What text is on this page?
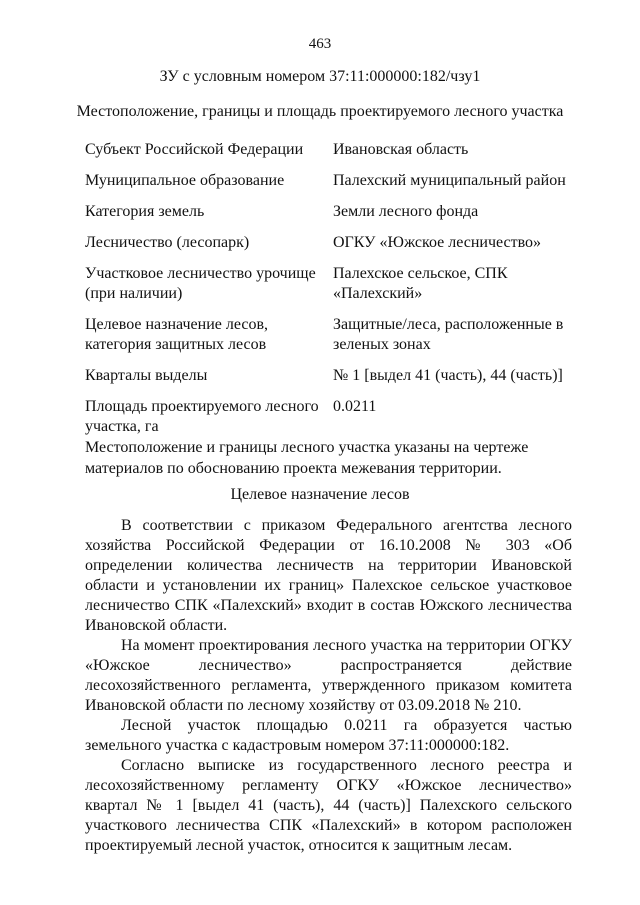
463
ЗУ с условным номером 37:11:000000:182/чзу1
Местоположение, границы и площадь проектируемого лесного участка
Субъект Российской Федерации	Ивановская область
Муниципальное образование	Палехский муниципальный район
Категория земель	Земли лесного фонда
Лесничество (лесопарк)	ОГКУ «Южское лесничество»
Участковое лесничество урочище (при наличии)	Палехское сельское, СПК «Палехский»
Целевое назначение лесов, категория защитных лесов	Защитные/леса, расположенные в зеленых зонах
Кварталы выделы	№ 1 [выдел 41 (часть), 44 (часть)]
Площадь проектируемого лесного участка, га	0.0211
Местоположение и границы лесного участка указаны на чертеже материалов по обоснованию проекта межевания территории.
Целевое назначение лесов

В соответствии с приказом Федерального агентства лесного хозяйства Российской Федерации от 16.10.2008 № 303 «Об определении количества лесничеств на территории Ивановской области и установлении их границ» Палехское сельское участковое лесничество СПК «Палехский» входит в состав Южского лесничества Ивановской области.

На момент проектирования лесного участка на территории ОГКУ «Южское лесничество» распространяется действие лесохозяйственного регламента, утвержденного приказом комитета Ивановской области по лесному хозяйству от 03.09.2018 № 210.

Лесной участок площадью 0.0211 га образуется частью земельного участка с кадастровым номером 37:11:000000:182.

Согласно выписке из государственного лесного реестра и лесохозяйственному регламенту ОГКУ «Южское лесничество» квартал № 1 [выдел 41 (часть), 44 (часть)] Палехского сельского участкового лесничества СПК «Палехский» в котором расположен проектируемый лесной участок, относится к защитным лесам.
